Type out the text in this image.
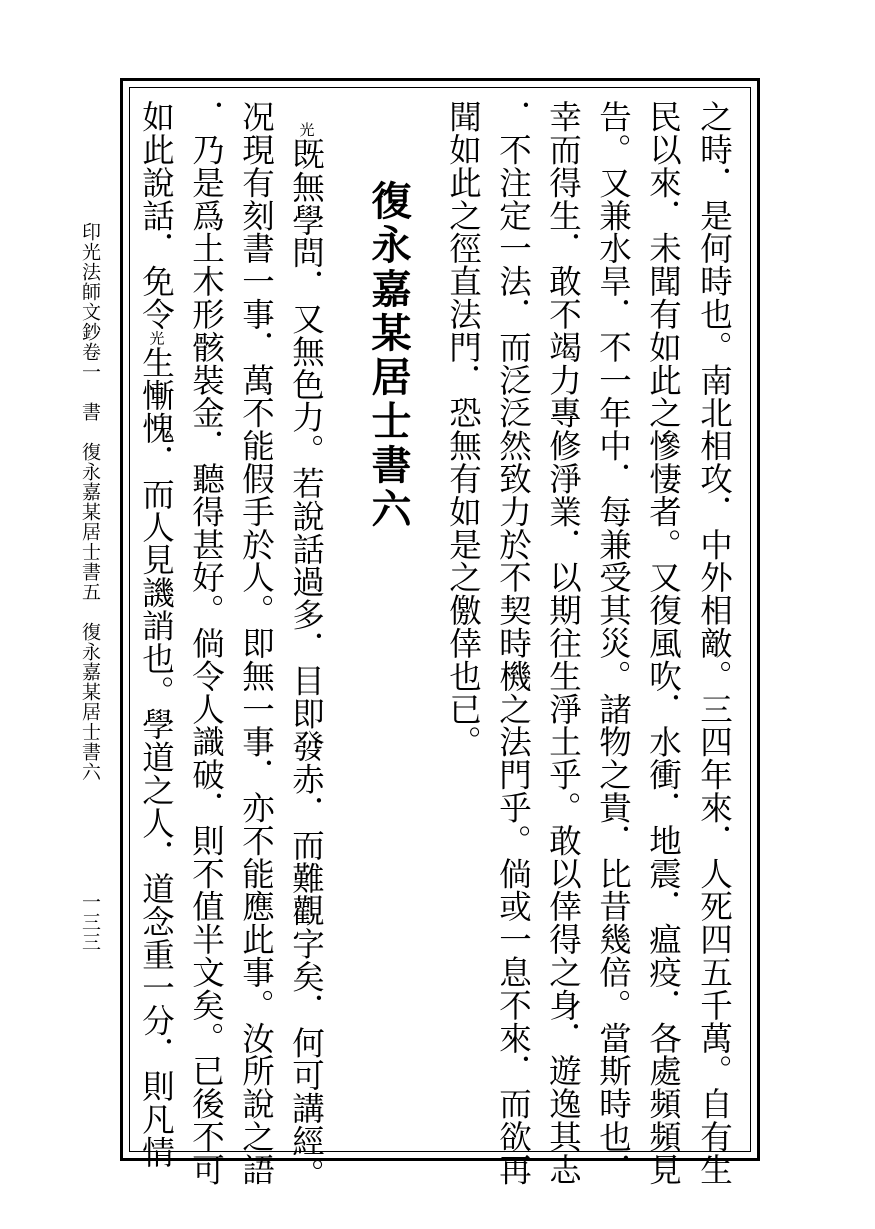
之時．是何時也。南北相攻．中外相敵。三四年來．人死四五千萬。自有生
民以來．未聞有如此之慘悽者。又復風吹．水衝．地震．瘟疫．各處頻頻見
告。又兼水旱．不一年中．每兼受其災。諸物之貴．比昔幾倍。當斯時也．
幸而得生．敢不竭力專修淨業．以期往生淨土乎。敢以倖得之身．遊逸其志
．不注定一法．而泛泛然致力於不契時機之法門乎。倘或一息不來．而欲再
聞如此之徑直法門．恐無有如是之儌倖也已。
復永嘉某居士書六
光既無學問．又無色力。若說話過多．目即發赤．而難觀字矣．何可講經。
况現有刻書一事．萬不能假手於人。即無一事．亦不能應此事。汝所說之語
．乃是爲土木形骸裝金．聽得甚好。倘令人識破．則不值半文矣。已後不可
如此說話．免令光生慚愧．而人見譏誚也。學道之人．道念重一分．則凡情
印光法師文鈔卷一　書　復永嘉某居士書五　復永嘉某居士書六
一三三
